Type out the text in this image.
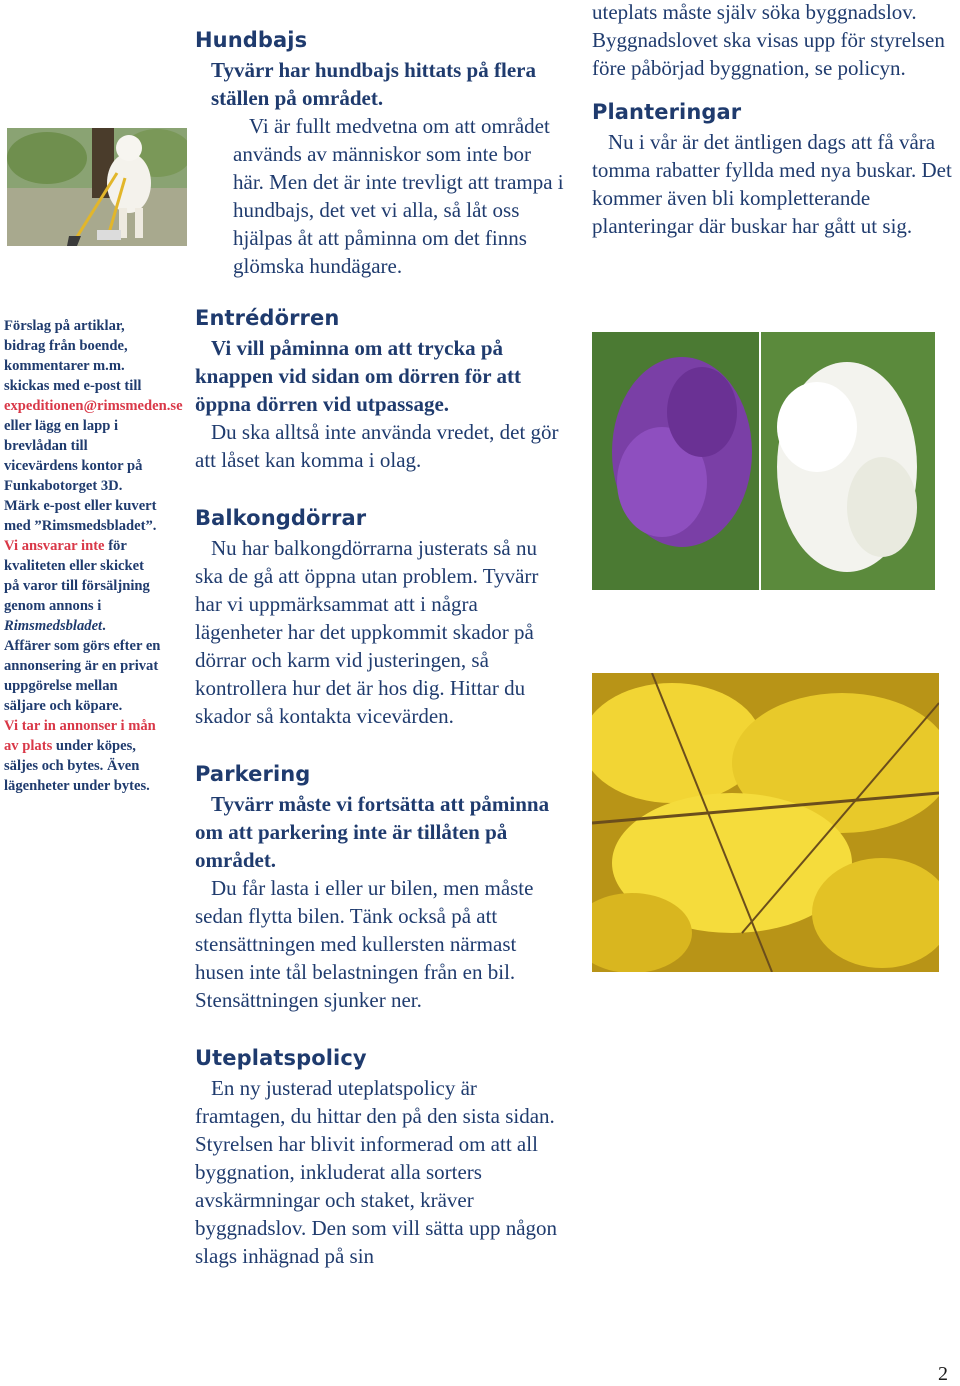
Förslag på artiklar, bidrag från boende, kommentarer m.m. skickas med e-post till expeditionen@rimsmeden.se eller lägg en lapp i brevlådan till vicevärdens kontor på Funkabotorget 3D.

Märk e-post eller kuvert med ”Rimsmedsbladet”.

Vi ansvarar inte för kvaliteten eller skicket på varor till försäljning genom annons i Rimsmedsbladet.

Affärer som görs efter en annonsering är en privat uppgörelse mellan säljare och köpare.

Vi tar in annonser i mån av plats under köpes, säljes och bytes. Även lägenheter under bytes.

Hundbajs

Tyvärr har hundbajs hittats på flera ställen på området.

Vi är fullt medvetna om att området används av människor som inte bor här. Men det är inte trevligt att trampa i hundbajs, det vet vi alla, så låt oss hjälpas åt att påminna om det finns glömska hundägare.

Entrédörren

Vi vill påminna om att trycka på knappen vid sidan om dörren för att öppna dörren vid utpassage.

Du ska alltså inte använda vredet, det gör att låset kan komma i olag.

Balkongdörrar

Nu har balkongdörrarna justerats så nu ska de gå att öppna utan problem. Tyvärr har vi uppmärksammat att i några lägenheter har det uppkommit skador på dörrar och karm vid justeringen, så kontrollera hur det är hos dig. Hittar du skador så kontakta vicevärden.

Parkering

Tyvärr måste vi fortsätta att påminna om att parkering inte är tillåten på området.

Du får lasta i eller ur bilen, men måste sedan flytta bilen. Tänk också på att stensättningen med kullersten närmast husen inte tål belastningen från en bil. Stensättningen sjunker ner.

Uteplatspolicy

En ny justerad uteplatspolicy är framtagen, du hittar den på den sista sidan. Styrelsen har blivit informerad om att all byggnation, inkluderat alla sorters avskärmningar och staket, kräver byggnadslov. Den som vill sätta upp någon slags inhägnad på sin

uteplats måste själv söka byggnadslov. Byggnadslovet ska visas upp för styrelsen före påbörjad byggnation, se policyn.

Planteringar

Nu i vår är det äntligen dags att få våra tomma rabatter fyllda med nya buskar. Det kommer även bli kompletterande planteringar där buskar har gått ut sig.

2
